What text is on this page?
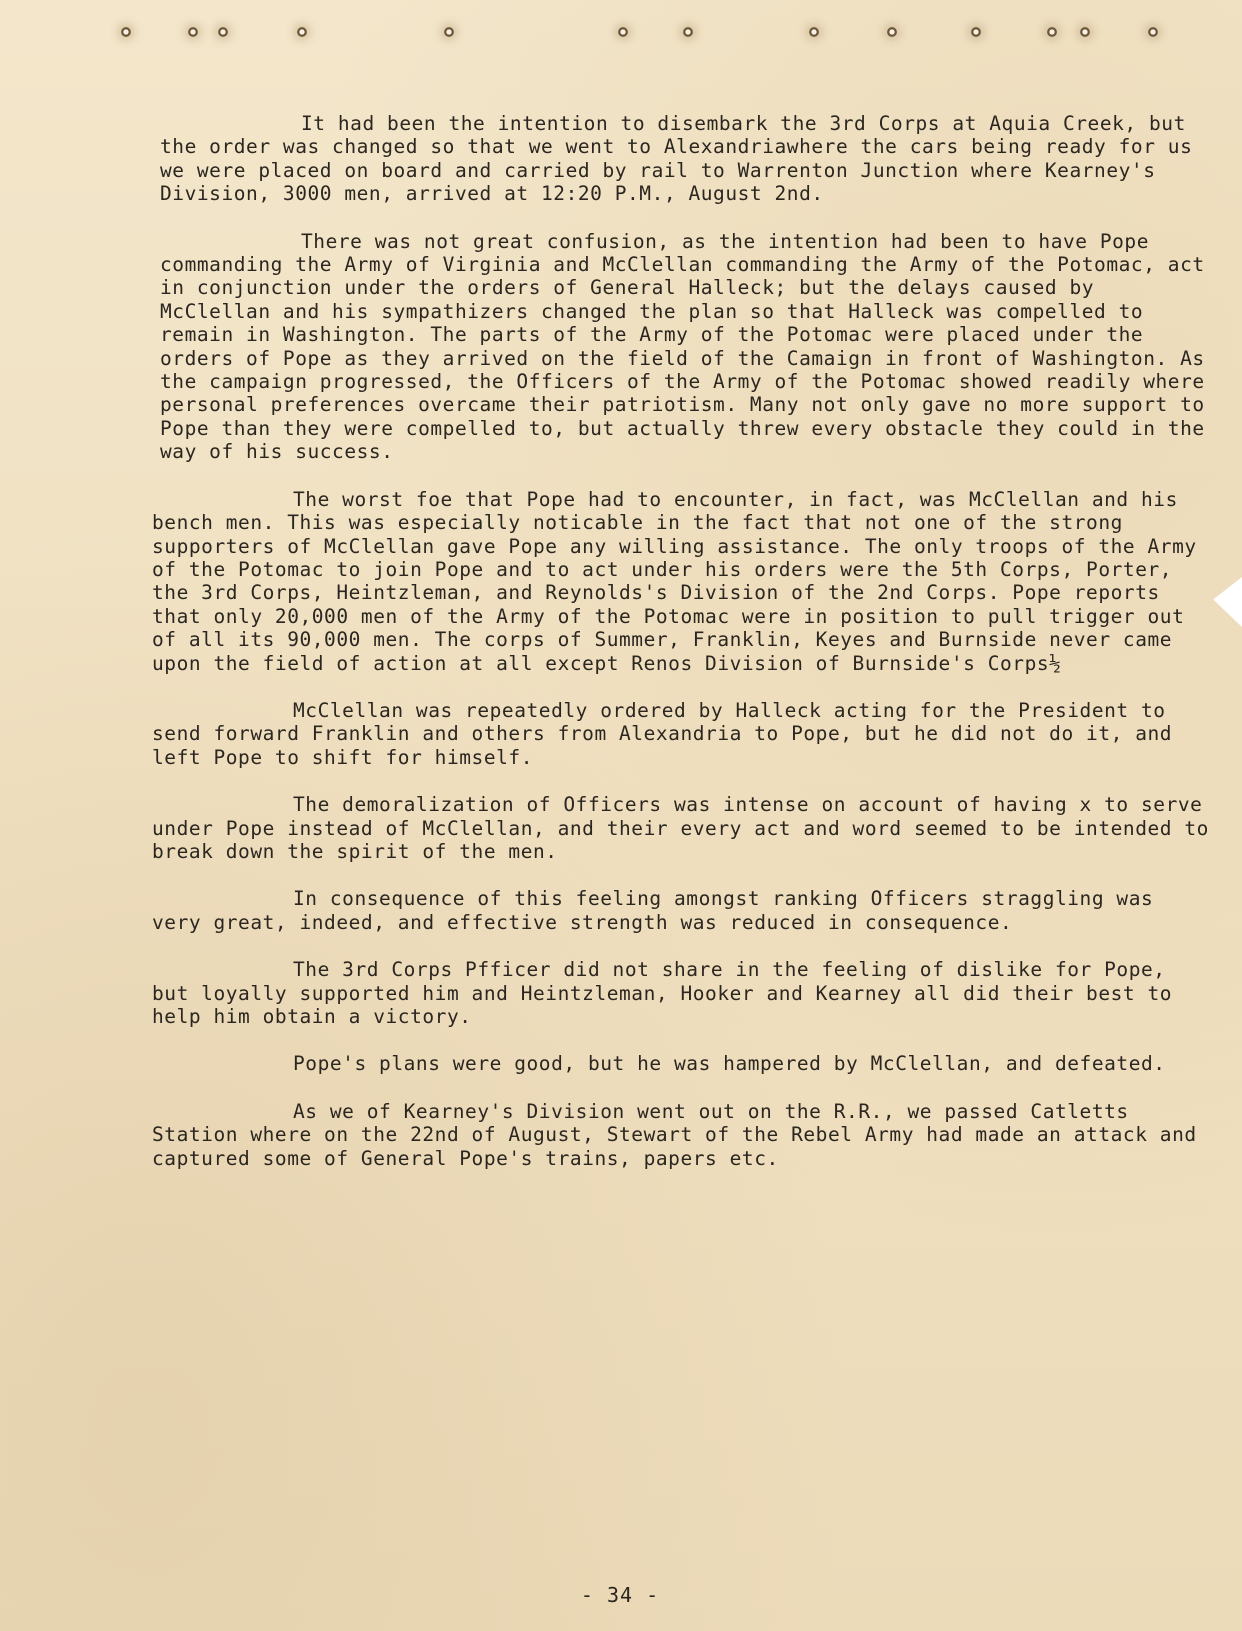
It had been the intention to disembark the 3rd Corps at Aquia Creek, but the order was changed so that we went to Alexandriawhere the cars being ready for us we were placed on board and carried by rail to Warrenton Junction where Kearney's Division, 3000 men, arrived at 12:20 P.M., August 2nd.

There was not great confusion, as the intention had been to have Pope commanding the Army of Virginia and McClellan commanding the Army of the Potomac, act in conjunction under the orders of General Halleck; but the delays caused by McClellan and his sympathizers changed the plan so that Halleck was compelled to remain in Washington. The parts of the Army of the Potomac were placed under the orders of Pope as they arrived on the field of the Camaign in front of Washington. As the campaign progressed, the Officers of the Army of the Potomac showed readily where personal preferences overcame their patriotism. Many not only gave no more support to Pope than they were compelled to, but actually threw every obstacle they could in the way of his success.

The worst foe that Pope had to encounter, in fact, was McClellan and his bench men. This was especially noticable in the fact that not one of the strong supporters of McClellan gave Pope any willing assistance. The only troops of the Army of the Potomac to join Pope and to act under his orders were the 5th Corps, Porter, the 3rd Corps, Heintzleman, and Reynolds's Division of the 2nd Corps. Pope reports that only 20,000 men of the Army of the Potomac were in position to pull trigger out of all its 90,000 men. The corps of Summer, Franklin, Keyes and Burnside never came upon the field of action at all except Renos Division of Burnside's Corps½

McClellan was repeatedly ordered by Halleck acting for the President to send forward Franklin and others from Alexandria to Pope, but he did not do it, and left Pope to shift for himself.

The demoralization of Officers was intense on account of having x to serve under Pope instead of McClellan, and their every act and word seemed to be intended to break down the spirit of the men.

In consequence of this feeling amongst ranking Officers straggling was very great, indeed, and effective strength was reduced in consequence.

The 3rd Corps Pfficer did not share in the feeling of dislike for Pope, but loyally supported him and Heintzleman, Hooker and Kearney all did their best to help him obtain a victory.

Pope's plans were good, but he was hampered by McClellan, and defeated.

As we of Kearney's Division went out on the R.R., we passed Catletts Station where on the 22nd of August, Stewart of the Rebel Army had made an attack and captured some of General Pope's trains, papers etc.

- 34 -
